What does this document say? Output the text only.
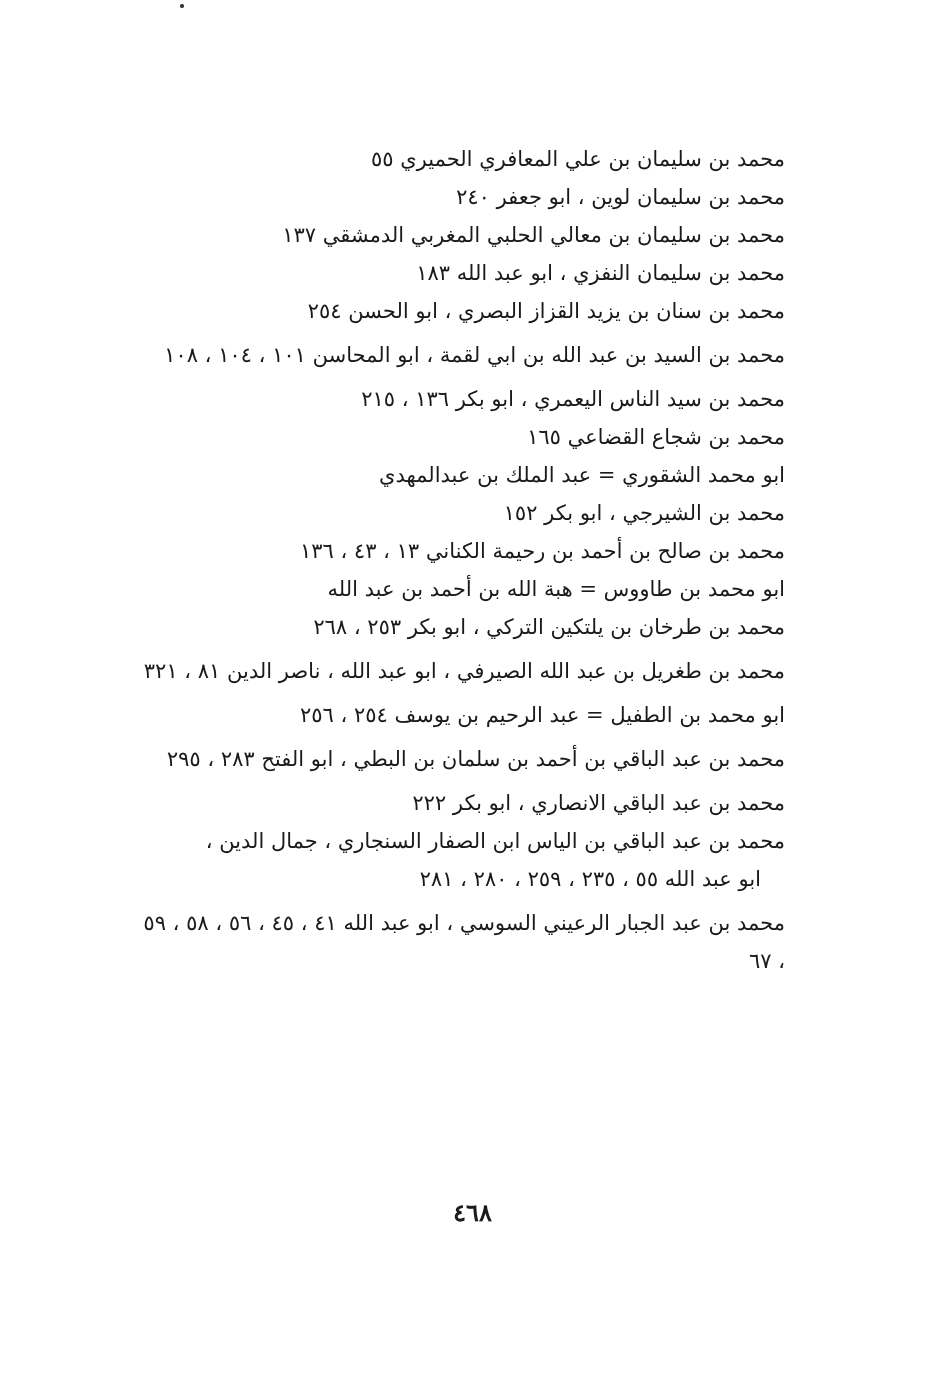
محمد بن سليمان بن علي المعافري الحميري ٥٥
محمد بن سليمان لوين ، ابو جعفر ٢٤٠
محمد بن سليمان بن معالي الحلبي المغربي الدمشقي ١٣٧
محمد بن سليمان النفزي ، ابو عبد الله ١٨٣
محمد بن سنان بن يزيد القزاز البصري ، ابو الحسن ٢٥٤
محمد بن السيد بن عبد الله بن ابي لقمة ، ابو المحاسن ١٠١ ، ١٠٤ ، ١٠٨
محمد بن سيد الناس اليعمري ، ابو بكر ١٣٦ ، ٢١٥
محمد بن شجاع القضاعي ١٦٥
ابو محمد الشقوري = عبد الملك بن عبدالمهدي
محمد بن الشيرجي ، ابو بكر ١٥٢
محمد بن صالح بن أحمد بن رحيمة الكناني ١٣ ، ٤٣ ، ١٣٦
ابو محمد بن طاووس = هبة الله بن أحمد بن عبد الله
محمد بن طرخان بن يلتكين التركي ، ابو بكر ٢٥٣ ، ٢٦٨
محمد بن طغريل بن عبد الله الصيرفي ، ابو عبد الله ، ناصر الدين ٨١ ، ٣٢١
ابو محمد بن الطفيل = عبد الرحيم بن يوسف ٢٥٤ ، ٢٥٦
محمد بن عبد الباقي بن أحمد بن سلمان بن البطي ، ابو الفتح ٢٨٣ ، ٢٩٥
محمد بن عبد الباقي الانصاري ، ابو بكر ٢٢٢
محمد بن عبد الباقي بن الياس ابن الصفار السنجاري ، جمال الدين ،
ابو عبد الله ٥٥ ، ٢٣٥ ، ٢٥٩ ، ٢٨٠ ، ٢٨١
محمد بن عبد الجبار الرعيني السوسي ، ابو عبد الله ٤١ ، ٤٥ ، ٥٦ ، ٥٨ ، ٥٩ ، ٦٧
٤٦٨
